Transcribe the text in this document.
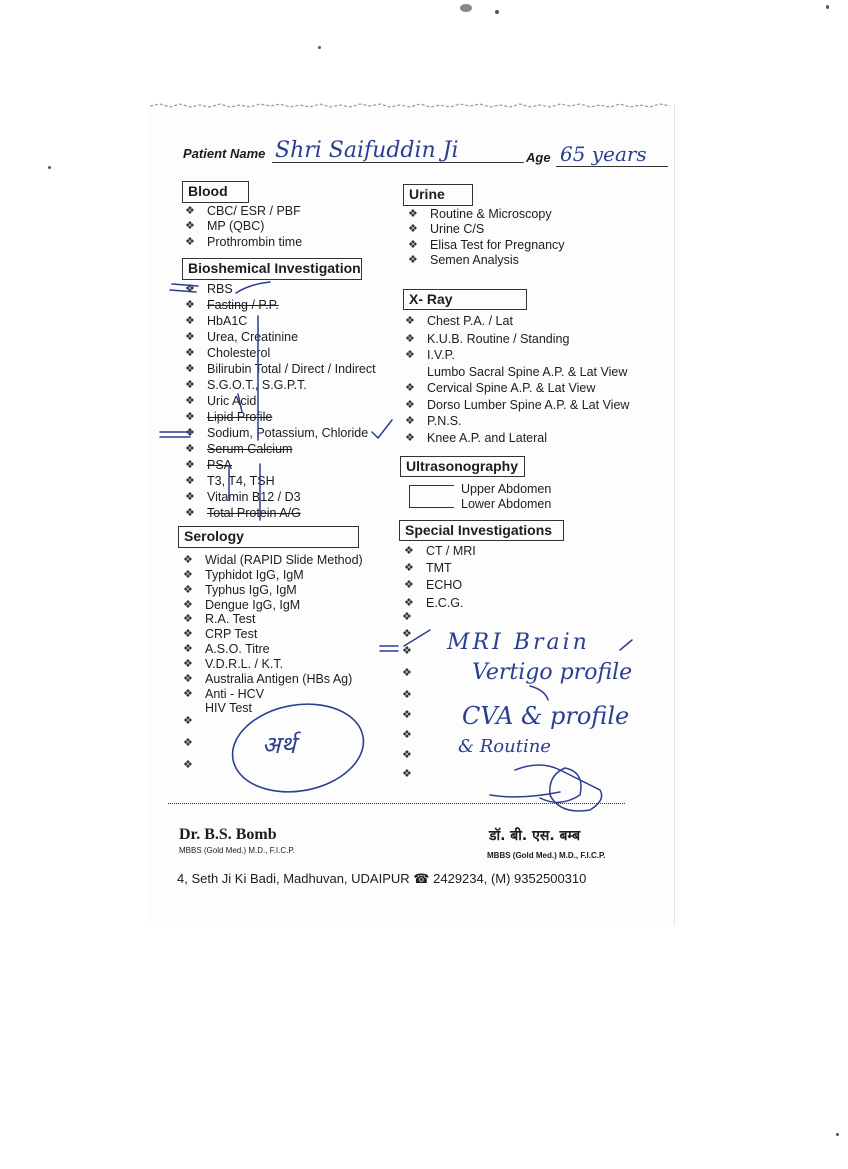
Patient Name Shri Saifuddin Ji	Age 65 years
Blood
❖ CBC/ ESR / PBF
❖ MP (QBC)
❖ Prothrombin time
Bioshemical Investigation
❖ RBS
❖ Fasting / P.P.
❖ HbA1C
❖ Urea, Creatinine
❖ Cholesterol
❖ Bilirubin Total / Direct / Indirect
❖ S.G.O.T., S.G.P.T.
❖ Uric Acid
❖ Lipid Profile
❖ Sodium, Potassium, Chloride
❖ Serum Calcium
❖ PSA
❖ T3, T4, TSH
❖ Vitamin B12 / D3
❖ Total Protein A/G
Serology
❖ Widal (RAPID Slide Method)
❖ Typhidot IgG, IgM
❖ Typhus IgG, IgM
❖ Dengue IgG, IgM
❖ R.A. Test
❖ CRP Test
❖ A.S.O. Titre
❖ V.D.R.L. / K.T.
❖ Australia Antigen (HBs Ag)
❖ Anti - HCV
HIV Test
❖
❖
❖
Urine
❖ Routine & Microscopy
❖ Urine C/S
❖ Elisa Test for Pregnancy
❖ Semen Analysis
X- Ray
❖ Chest P.A. / Lat
❖ K.U.B. Routine / Standing
❖ I.V.P.
Lumbo Sacral Spine A.P. & Lat View
❖ Cervical Spine A.P. & Lat View
❖ Dorso Lumber Spine A.P. & Lat View
❖ P.N.S.
❖ Knee A.P. and Lateral
Ultrasonography
Upper Abdomen
Lower Abdomen
Special Investigations
❖ CT / MRI
❖ TMT
❖ ECHO
❖ E.C.G.
❖
❖
❖
❖
❖
❖
❖
❖
❖
MRI Brain
Vertigo profile
CVA & profile
& Routine
अर्थ
Dr. B.S. Bomb
MBBS (Gold Med.) M.D., F.I.C.P.
डॉ. बी. एस. बम्ब
MBBS (Gold Med.) M.D., F.I.C.P.
4, Seth Ji Ki Badi, Madhuvan, UDAIPUR ☎ 2429234, (M) 9352500310
